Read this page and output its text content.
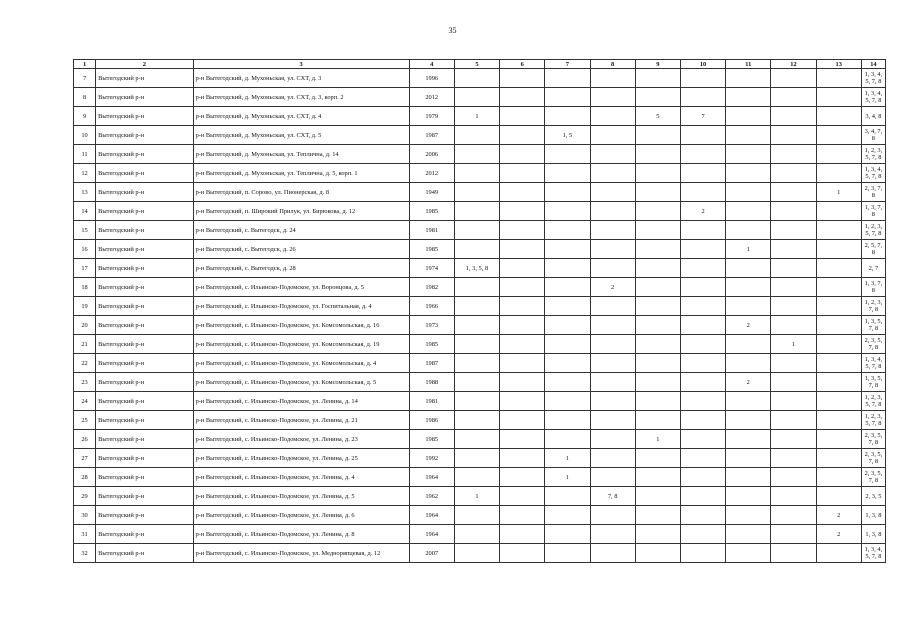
35
1	2	3	4	5	6	7	8	9	10	11	12	13	14
7	Вытегодский р-н	р-н Вытегодский, д. Мухоньская, ул. СХТ, д. 3	1996										1, 3, 4, 5, 7, 8
8	Вытегодский р-н	р-н Вытегодский, д. Мухоньская, ул. СХТ, д. 3, корп. 2	2012										1, 3, 4, 5, 7, 8
9	Вытегодский р-н	р-н Вытегодский, д. Мухоньская, ул. СХТ, д. 4	1979	1				5	7				3, 4, 8
10	Вытегодский р-н	р-н Вытегодский, д. Мухоньская, ул. СХТ, д. 5	1987			1, 5							3, 4, 7, 8
11	Вытегодский р-н	р-н Вытегодский, д. Мухоньская, ул. Теплична, д. 14	2006										1, 2, 3, 5, 7, 8
12	Вытегодский р-н	р-н Вытегодский, д. Мухоньская, ул. Теплична, д. 5, корп. 1	2012										1, 3, 4, 5, 7, 8
13	Вытегодский р-н	р-н Вытегодский, п. Сорово, ул. Пионерская, д. 8	1949									1	2, 3, 7, 8
14	Вытегодский р-н	р-н Вытегодский, п. Широкий Прилук, ул. Бирюкова, д. 12	1985						2				1, 3, 7, 8
15	Вытегодский р-н	р-н Вытегодский, с. Вытегодск, д. 24	1981										1, 2, 3, 5, 7, 8
16	Вытегодский р-н	р-н Вытегодский, с. Вытегодск, д. 26	1985							1			2, 5, 7, 8
17	Вытегодский р-н	р-н Вытегодский, с. Вытегодск, д. 28	1974	1, 3, 5, 8									2, 7
18	Вытегодский р-н	р-н Вытегодский, с. Ильинско-Подомское, ул. Воронцова, д. 5	1982				2						1, 3, 7, 8
19	Вытегодский р-н	р-н Вытегодский, с. Ильинско-Подомское, ул. Госпитальная, д. 4	1966										1, 2, 3, 7, 8
20	Вытегодский р-н	р-н Вытегодский, с. Ильинско-Подомское, ул. Комсомольская, д. 16	1973							2			1, 3, 5, 7, 8
21	Вытегодский р-н	р-н Вытегодский, с. Ильинско-Подомское, ул. Комсомольская, д. 19	1985								1		2, 3, 5, 7, 8
22	Вытегодский р-н	р-н Вытегодский, с. Ильинско-Подомское, ул. Комсомольская, д. 4	1987										1, 3, 4, 5, 7, 8
23	Вытегодский р-н	р-н Вытегодский, с. Ильинско-Подомское, ул. Комсомольская, д. 5	1988							2			1, 3, 5, 7, 8
24	Вытегодский р-н	р-н Вытегодский, с. Ильинско-Подомское, ул. Ленина, д. 14	1981										1, 2, 3, 5, 7, 8
25	Вытегодский р-н	р-н Вытегодский, с. Ильинско-Подомское, ул. Ленина, д. 21	1986										1, 2, 3, 5, 7, 8
26	Вытегодский р-н	р-н Вытегодский, с. Ильинско-Подомское, ул. Ленина, д. 23	1985					1					2, 3, 5, 7, 8
27	Вытегодский р-н	р-н Вытегодский, с. Ильинско-Подомское, ул. Ленина, д. 25	1992			1							2, 3, 5, 7, 8
28	Вытегодский р-н	р-н Вытегодский, с. Ильинско-Подомское, ул. Ленина, д. 4	1964			1							2, 3, 5, 7, 8
29	Вытегодский р-н	р-н Вытегодский, с. Ильинско-Подомское, ул. Ленина, д. 5	1962	1			7, 8						2, 3, 5
30	Вытегодский р-н	р-н Вытегодский, с. Ильинско-Подомское, ул. Ленина, д. 6	1964									2	1, 3, 8
31	Вытегодский р-н	р-н Вытегодский, с. Ильинско-Подомское, ул. Ленина, д. 8	1964									2	1, 3, 8
32	Вытегодский р-н	р-н Вытегодский, с. Ильинско-Подомское, ул. Медноряпцевая, д. 12	2007										1, 3, 4, 5, 7, 8
